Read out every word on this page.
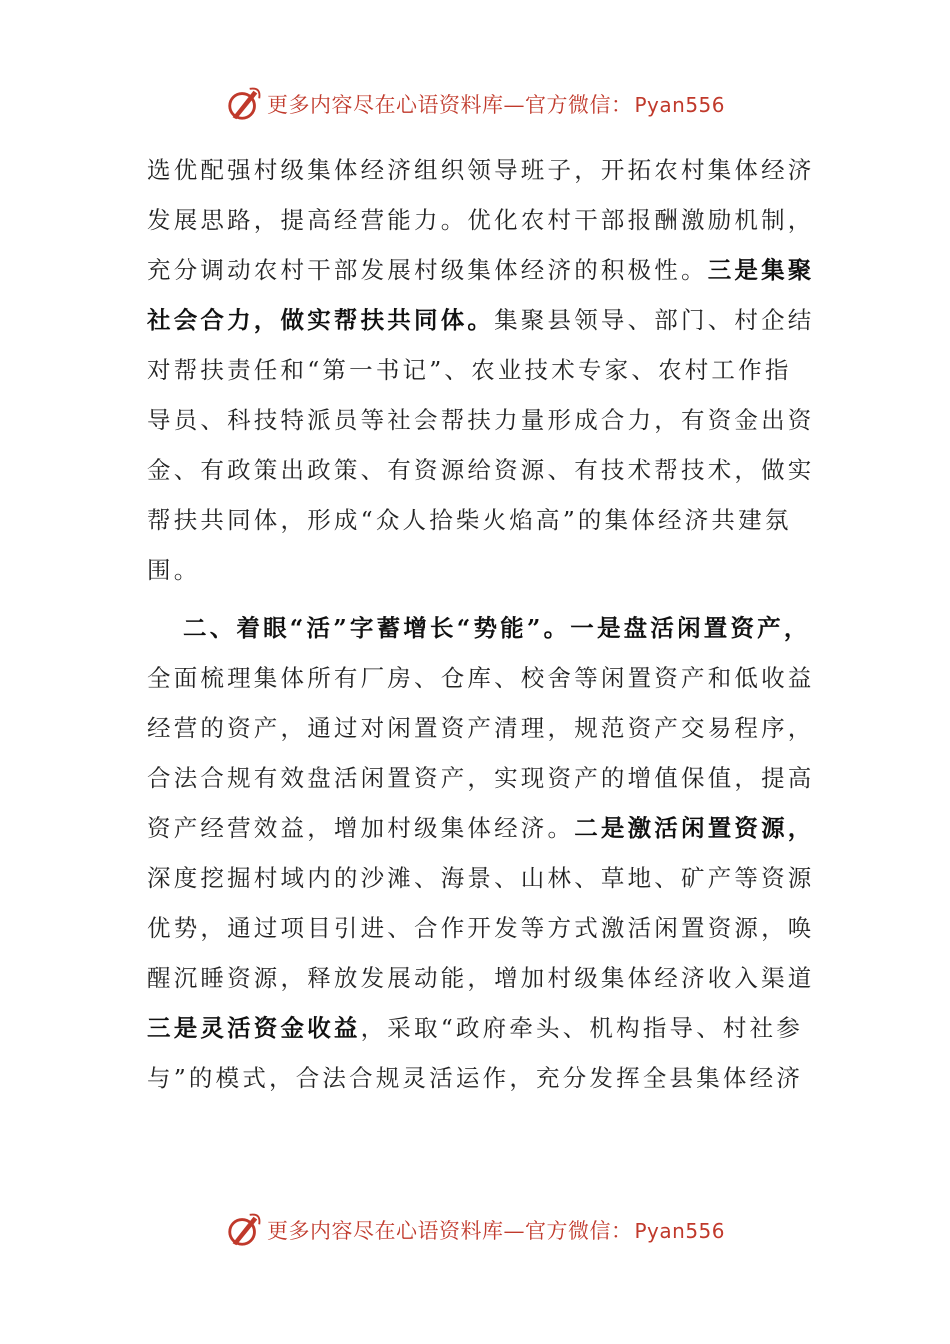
更多内容尽在心语资料库—官方微信： Pyan556
选优配强村级集体经济组织领导班子，开拓农村集体经济
发展思路，提高经营能力。优化农村干部报酬激励机制，
充分调动农村干部发展村级集体经济的积极性。三是集聚
社会合力，做实帮扶共同体。集聚县领导、部门、村企结
对帮扶责任和“第一书记”、农业技术专家、农村工作指
导员、科技特派员等社会帮扶力量形成合力，有资金出资
金、有政策出政策、有资源给资源、有技术帮技术，做实
帮扶共同体，形成“众人拾柴火焰高”的集体经济共建氛
围。
二、着眼“活”字蓄增长“势能”。一是盘活闲置资产，
全面梳理集体所有厂房、仓库、校舍等闲置资产和低收益
经营的资产，通过对闲置资产清理，规范资产交易程序，
合法合规有效盘活闲置资产，实现资产的增值保值，提高
资产经营效益，增加村级集体经济。二是激活闲置资源，
深度挖掘村域内的沙滩、海景、山林、草地、矿产等资源
优势，通过项目引进、合作开发等方式激活闲置资源，唤
醒沉睡资源，释放发展动能，增加村级集体经济收入渠道
三是灵活资金收益，采取“政府牵头、机构指导、村社参
与”的模式，合法合规灵活运作，充分发挥全县集体经济
更多内容尽在心语资料库—官方微信： Pyan556
